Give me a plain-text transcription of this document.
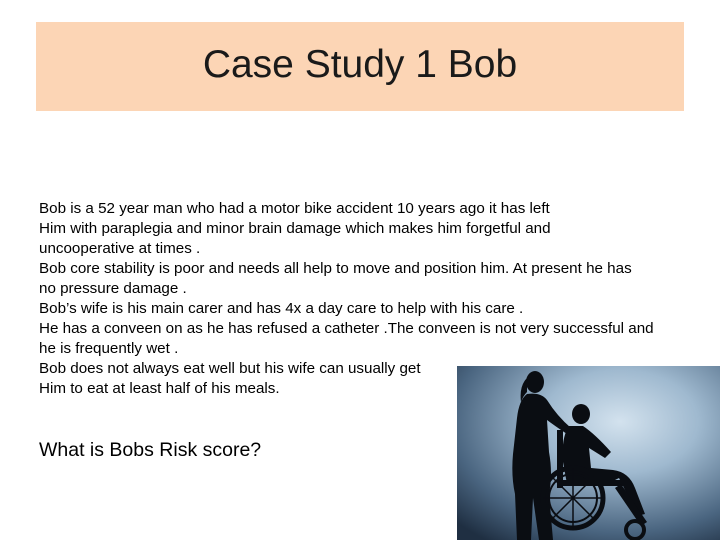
Case Study 1 Bob
Bob is a 52 year man who had a motor bike accident 10 years ago it has left
Him with paraplegia and minor brain damage which makes him forgetful and
uncooperative at times .
Bob core stability is poor and needs all help to move and position him. At present he has
no pressure damage .
Bob’s wife is his main carer and has 4x a day care to help with his care .
He has a conveen on as he has refused a catheter .The conveen is not very successful and
he is frequently wet .
Bob does not always eat well but his wife can usually get
Him to eat at least half of his meals.
What is Bobs Risk score?
